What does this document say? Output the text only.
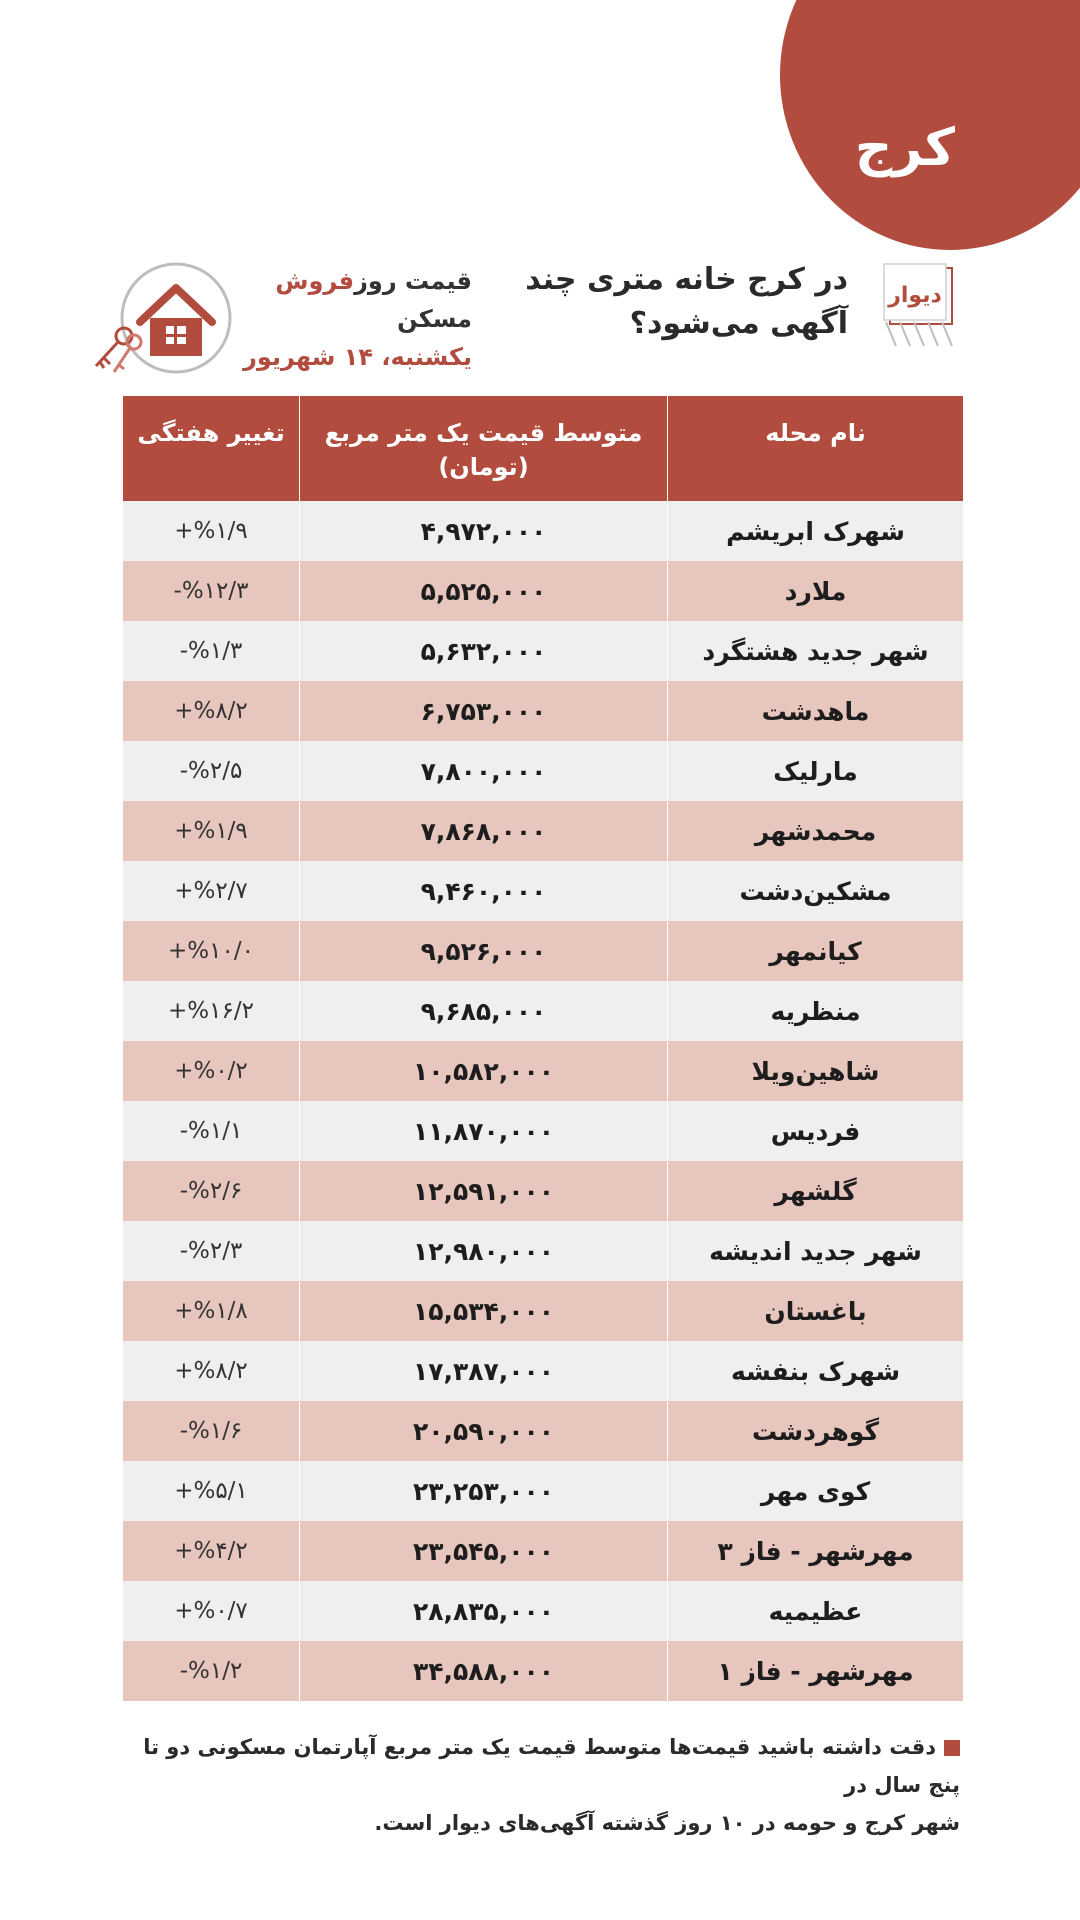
کرج
دیوار
در کرج خانه متری چند
آگهی می‌شود؟
قیمت روزفروش مسکن
یکشنبه، ۱۴ شهریور
نام محله
متوسط قیمت یک متر مربع
(تومان)
تغییر هفتگی
شهرک ابریشم
۴,۹۷۲,۰۰۰
+%۱/۹
ملارد
۵,۵۲۵,۰۰۰
-%۱۲/۳
شهر جدید هشتگرد
۵,۶۳۲,۰۰۰
-%۱/۳
ماهدشت
۶,۷۵۳,۰۰۰
+%۸/۲
مارلیک
۷,۸۰۰,۰۰۰
-%۲/۵
محمدشهر
۷,۸۶۸,۰۰۰
+%۱/۹
مشکین‌دشت
۹,۴۶۰,۰۰۰
+%۲/۷
کیانمهر
۹,۵۲۶,۰۰۰
+%۱۰/۰
منظریه
۹,۶۸۵,۰۰۰
+%۱۶/۲
شاهین‌ویلا
۱۰,۵۸۲,۰۰۰
+%۰/۲
فردیس
۱۱,۸۷۰,۰۰۰
-%۱/۱
گلشهر
۱۲,۵۹۱,۰۰۰
-%۲/۶
شهر جدید اندیشه
۱۲,۹۸۰,۰۰۰
-%۲/۳
باغستان
۱۵,۵۳۴,۰۰۰
+%۱/۸
شهرک بنفشه
۱۷,۳۸۷,۰۰۰
+%۸/۲
گوهردشت
۲۰,۵۹۰,۰۰۰
-%۱/۶
کوی مهر
۲۳,۲۵۳,۰۰۰
+%۵/۱
مهرشهر - فاز ۳
۲۳,۵۴۵,۰۰۰
+%۴/۲
عظیمیه
۲۸,۸۳۵,۰۰۰
+%۰/۷
مهرشهر - فاز ۱
۳۴,۵۸۸,۰۰۰
-%۱/۲
دقت داشته باشید قیمت‌ها متوسط قیمت یک متر مربع آپارتمان مسکونی دو تا پنج سال در
شهر کرج و حومه در ۱۰ روز گذشته آگهی‌های دیوار است.
